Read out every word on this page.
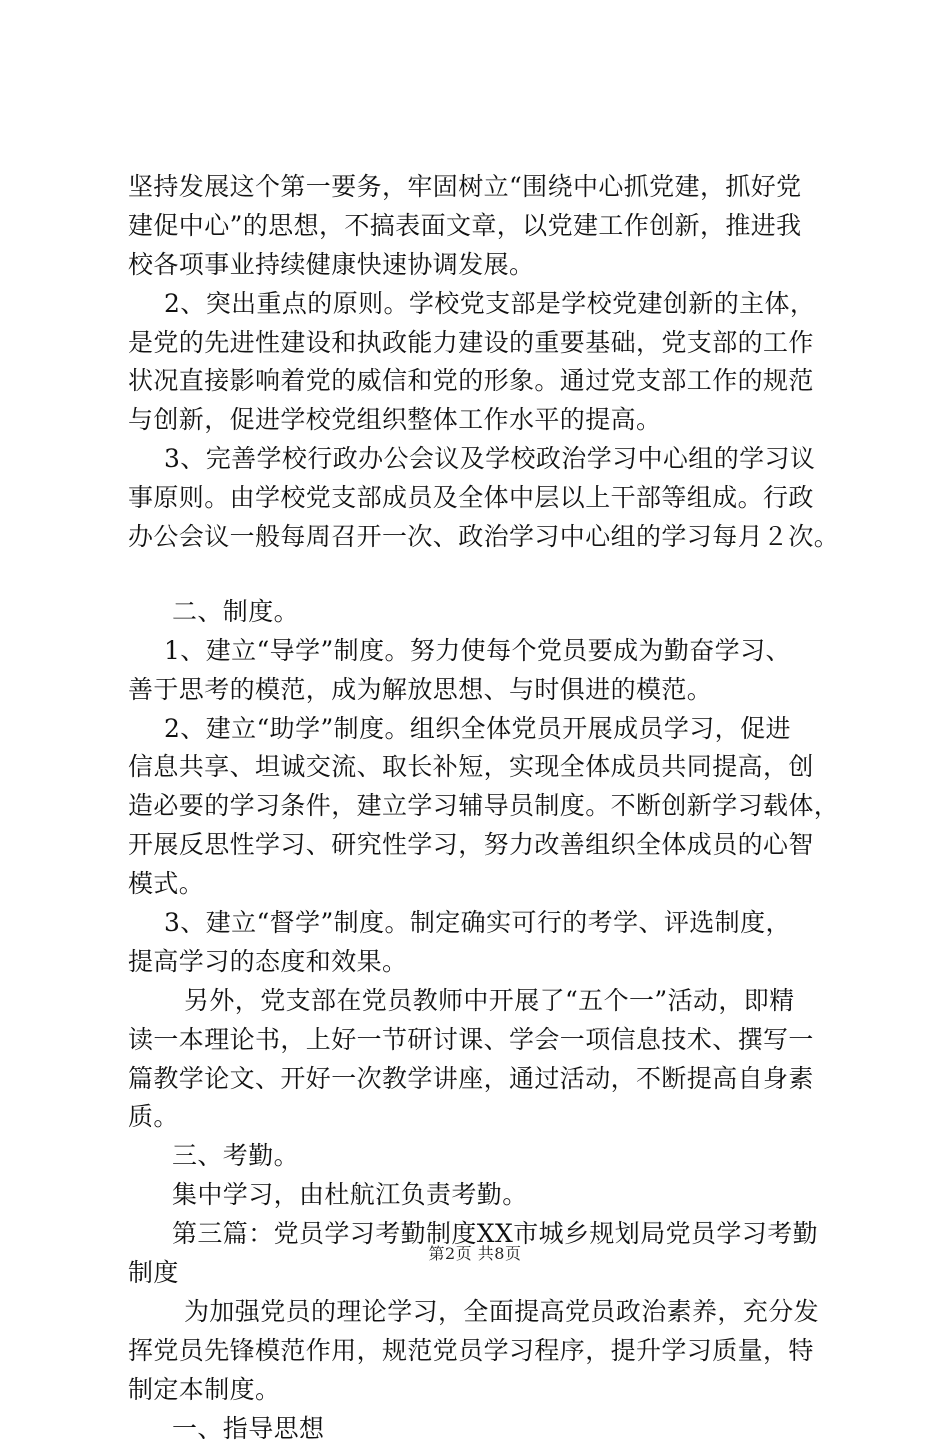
坚持发展这个第一要务，牢固树立“围绕中心抓党建，抓好党
建促中心”的思想，不搞表面文章，以党建工作创新，推进我
校各项事业持续健康快速协调发展。
2、突出重点的原则。学校党支部是学校党建创新的主体，
是党的先进性建设和执政能力建设的重要基础，党支部的工作
状况直接影响着党的威信和党的形象。通过党支部工作的规范
与创新，促进学校党组织整体工作水平的提高。
3、完善学校行政办公会议及学校政治学习中心组的学习议
事原则。由学校党支部成员及全体中层以上干部等组成。行政
办公会议一般每周召开一次、政治学习中心组的学习每月２次。
二、制度。
1、建立“导学”制度。努力使每个党员要成为勤奋学习、
善于思考的模范，成为解放思想、与时俱进的模范。
2、建立“助学”制度。组织全体党员开展成员学习，促进
信息共享、坦诚交流、取长补短，实现全体成员共同提高，创
造必要的学习条件，建立学习辅导员制度。不断创新学习载体，
开展反思性学习、研究性学习，努力改善组织全体成员的心智
模式。
3、建立“督学”制度。制定确实可行的考学、评选制度，
提高学习的态度和效果。
另外，党支部在党员教师中开展了“五个一”活动，即精
读一本理论书，上好一节研讨课、学会一项信息技术、撰写一
篇教学论文、开好一次教学讲座，通过活动，不断提高自身素
质。
三、考勤。
集中学习，由杜航江负责考勤。
第三篇：党员学习考勤制度XX市城乡规划局党员学习考勤
制度
为加强党员的理论学习，全面提高党员政治素养，充分发
挥党员先锋模范作用，规范党员学习程序，提升学习质量，特
制定本制度。
一、指导思想
第2页 共8页
